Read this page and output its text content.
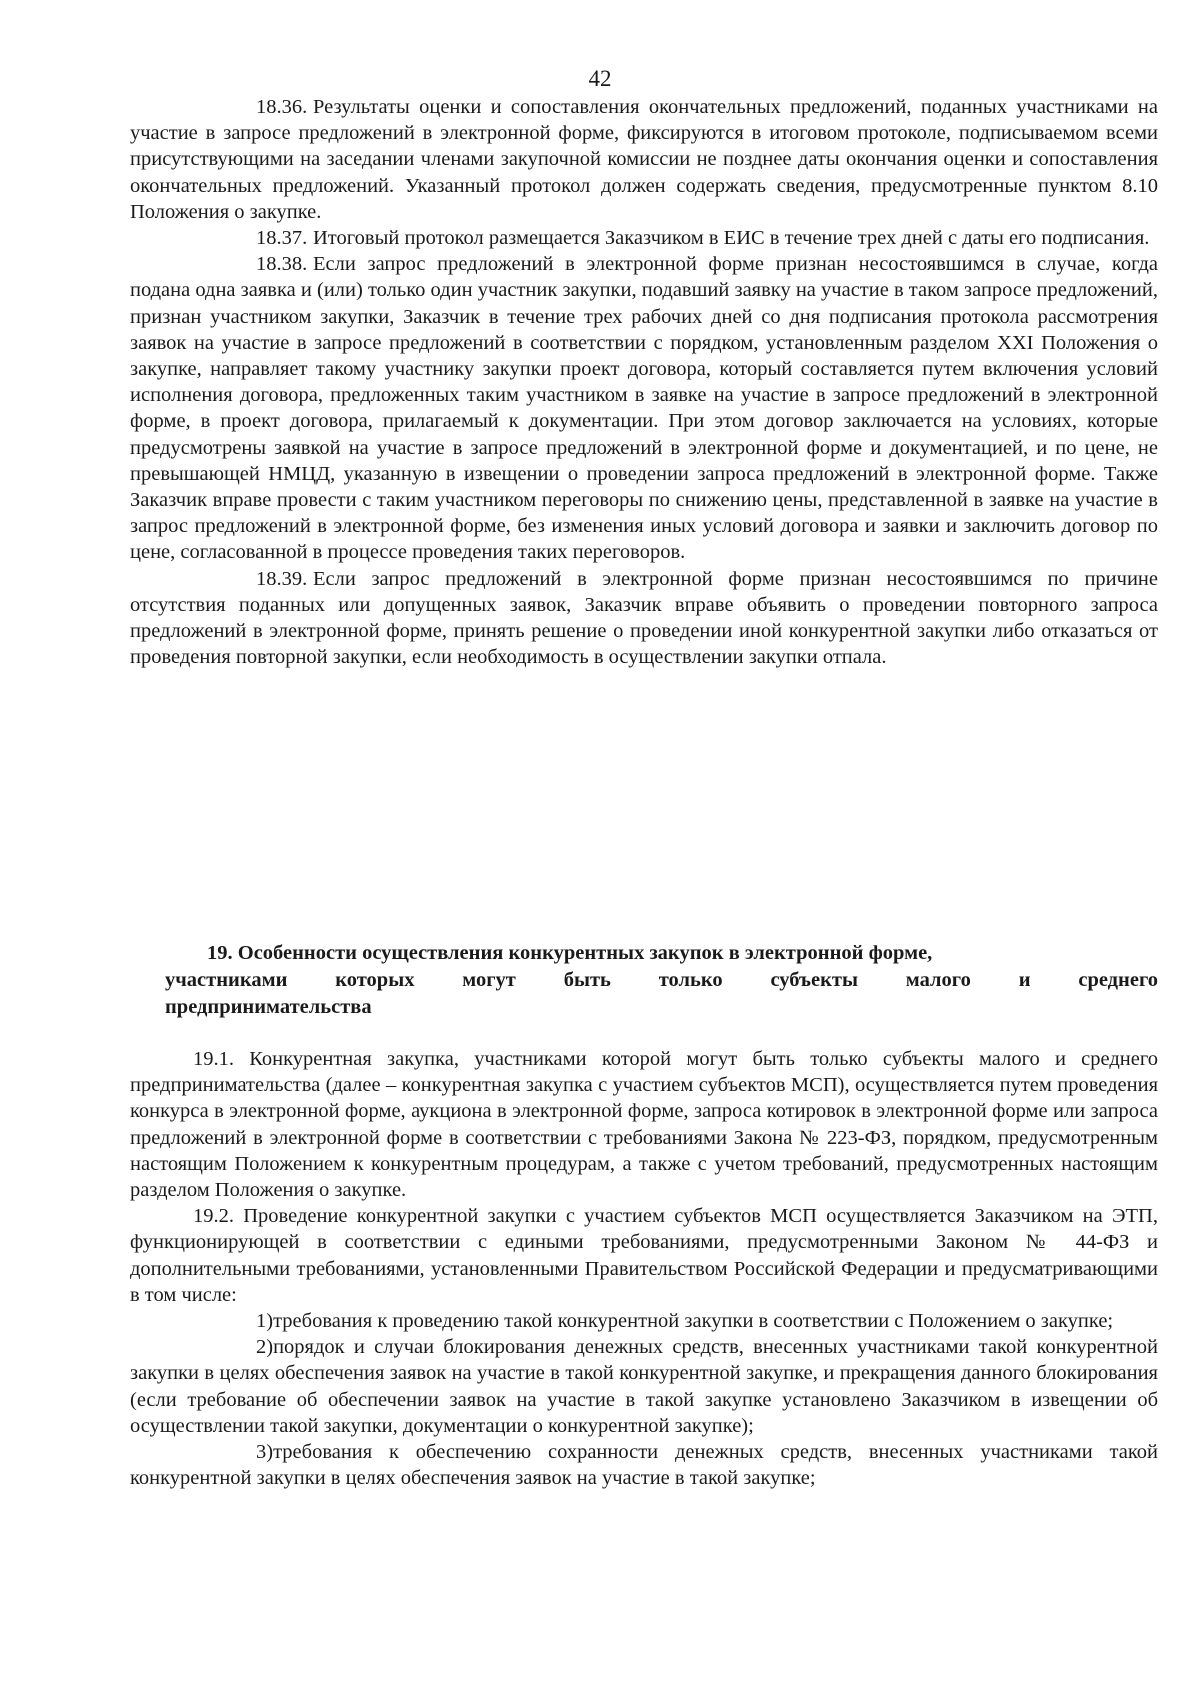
42

18.36. Результаты оценки и сопоставления окончательных предложений, поданных участниками на участие в запросе предложений в электронной форме, фиксируются в итоговом протоколе, подписываемом всеми присутствующими на заседании членами закупочной комиссии не позднее даты окончания оценки и сопоставления окончательных предложений. Указанный протокол должен содержать сведения, предусмотренные пунктом 8.10 Положения о закупке.

18.37. Итоговый протокол размещается Заказчиком в ЕИС в течение трех дней с даты его подписания.

18.38. Если запрос предложений в электронной форме признан несостоявшимся в случае, когда подана одна заявка и (или) только один участник закупки, подавший заявку на участие в таком запросе предложений, признан участником закупки, Заказчик в течение трех рабочих дней со дня подписания протокола рассмотрения заявок на участие в запросе предложений в соответствии с порядком, установленным разделом XXI Положения о закупке, направляет такому участнику закупки проект договора, который составляется путем включения условий исполнения договора, предложенных таким участником в заявке на участие в запросе предложений в электронной форме, в проект договора, прилагаемый к документации. При этом договор заключается на условиях, которые предусмотрены заявкой на участие в запросе предложений в электронной форме и документацией, и по цене, не превышающей НМЦД, указанную в извещении о проведении запроса предложений в электронной форме. Также Заказчик вправе провести с таким участником переговоры по снижению цены, представленной в заявке на участие в запрос предложений в электронной форме, без изменения иных условий договора и заявки и заключить договор по цене, согласованной в процессе проведения таких переговоров.

18.39. Если запрос предложений в электронной форме признан несостоявшимся по причине отсутствия поданных или допущенных заявок, Заказчик вправе объявить о проведении повторного запроса предложений в электронной форме, принять решение о проведении иной конкурентной закупки либо отказаться от проведения повторной закупки, если необходимость в осуществлении закупки отпала.

19. Особенности осуществления конкурентных закупок в электронной форме,
участниками которых могут быть только субъекты малого и среднего
предпринимательства

19.1. Конкурентная закупка, участниками которой могут быть только субъекты малого и среднего предпринимательства (далее – конкурентная закупка с участием субъектов МСП), осуществляется путем проведения конкурса в электронной форме, аукциона в электронной форме, запроса котировок в электронной форме или запроса предложений в электронной форме в соответствии с требованиями Закона № 223-ФЗ, порядком, предусмотренным настоящим Положением к конкурентным процедурам, а также с учетом требований, предусмотренных настоящим разделом Положения о закупке.

19.2. Проведение конкурентной закупки с участием субъектов МСП осуществляется Заказчиком на ЭТП, функционирующей в соответствии с едиными требованиями, предусмотренными Законом № 44-ФЗ и дополнительными требованиями, установленными Правительством Российской Федерации и предусматривающими в том числе:

1)требования к проведению такой конкурентной закупки в соответствии с Положением о закупке;

2)порядок и случаи блокирования денежных средств, внесенных участниками такой конкурентной закупки в целях обеспечения заявок на участие в такой конкурентной закупке, и прекращения данного блокирования (если требование об обеспечении заявок на участие в такой закупке установлено Заказчиком в извещении об осуществлении такой закупки, документации о конкурентной закупке);

3)требования к обеспечению сохранности денежных средств, внесенных участниками такой конкурентной закупки в целях обеспечения заявок на участие в такой закупке;
